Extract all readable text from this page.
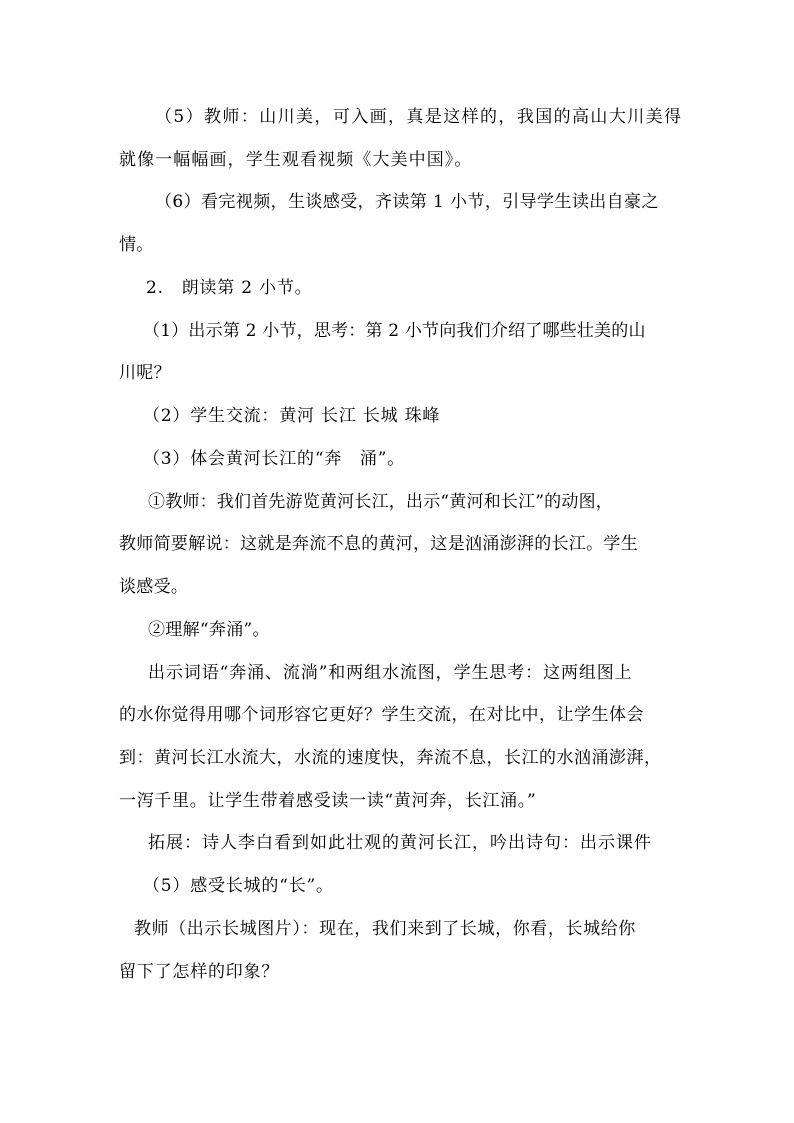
（5）教师：山川美，可入画，真是这样的，我国的高山大川美得
就像一幅幅画，学生观看视频《大美中国》。
（6）看完视频，生谈感受，齐读第 1 小节，引导学生读出自豪之
情。
2.　朗读第 2 小节。
（1）出示第 2 小节，思考：第 2 小节向我们介绍了哪些壮美的山
川呢？
（2）学生交流：黄河 长江 长城 珠峰
（3）体会黄河长江的“奔　涌”。
①教师：我们首先游览黄河长江，出示“黄河和长江”的动图，
教师简要解说：这就是奔流不息的黄河，这是汹涌澎湃的长江。学生
谈感受。
②理解“奔涌”。
出示词语“奔涌、流淌”和两组水流图，学生思考：这两组图上
的水你觉得用哪个词形容它更好？学生交流，在对比中，让学生体会
到：黄河长江水流大，水流的速度快，奔流不息，长江的水汹涌澎湃，
一泻千里。让学生带着感受读一读“黄河奔，长江涌。”
拓展：诗人李白看到如此壮观的黄河长江，吟出诗句：出示课件
（5）感受长城的“长”。
教师（出示长城图片）：现在，我们来到了长城，你看，长城给你
留下了怎样的印象？
